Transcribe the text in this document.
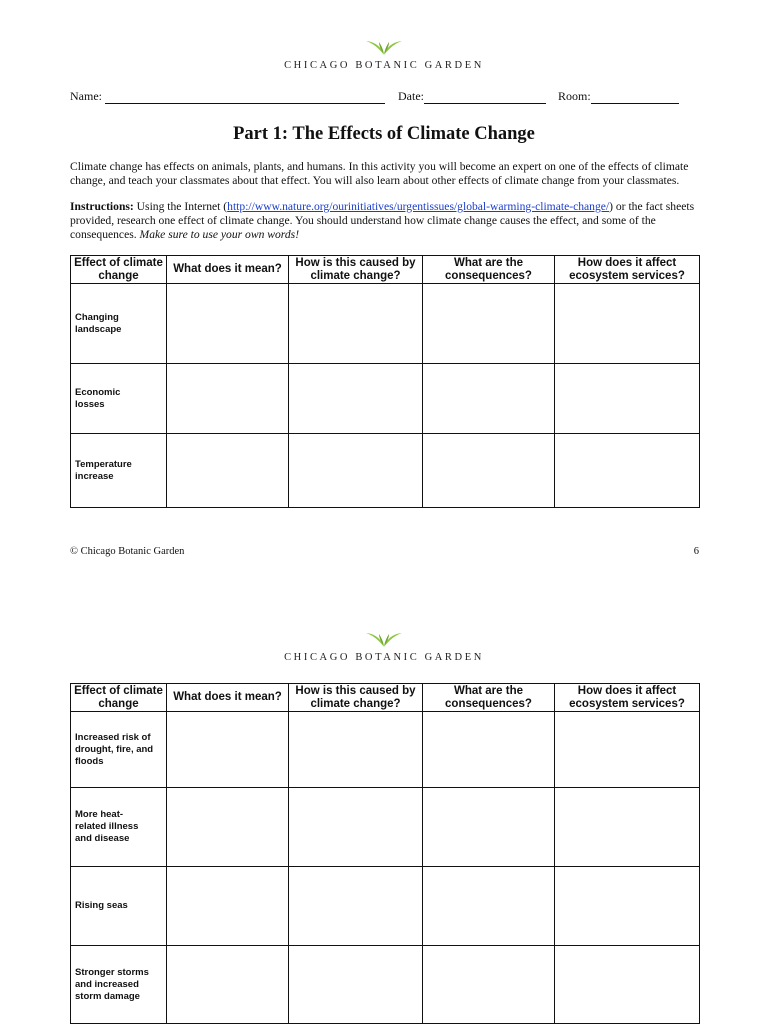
CHICAGO BOTANIC GARDEN
Name:	Date:	Room:
Part 1: The Effects of Climate Change

Climate change has effects on animals, plants, and humans. In this activity you will become an expert on one of the effects of climate change, and teach your classmates about that effect. You will also learn about other effects of climate change from your classmates.

Instructions: Using the Internet (http://www.nature.org/ourinitiatives/urgentissues/global-warming-climate-change/) or the fact sheets provided, research one effect of climate change. You should understand how climate change causes the effect, and some of the consequences. Make sure to use your own words!

Effect of climate change	What does it mean?	How is this caused by climate change?	What are the consequences?	How does it affect ecosystem services?
Changing landscape				
Economic losses				
Temperature increase				
© Chicago Botanic Garden	6
CHICAGO BOTANIC GARDEN
Effect of climate change	What does it mean?	How is this caused by climate change?	What are the consequences?	How does it affect ecosystem services?
Increased risk of drought, fire, and floods				
More heat-related illness and disease				
Rising seas				
Stronger storms and increased storm damage				
